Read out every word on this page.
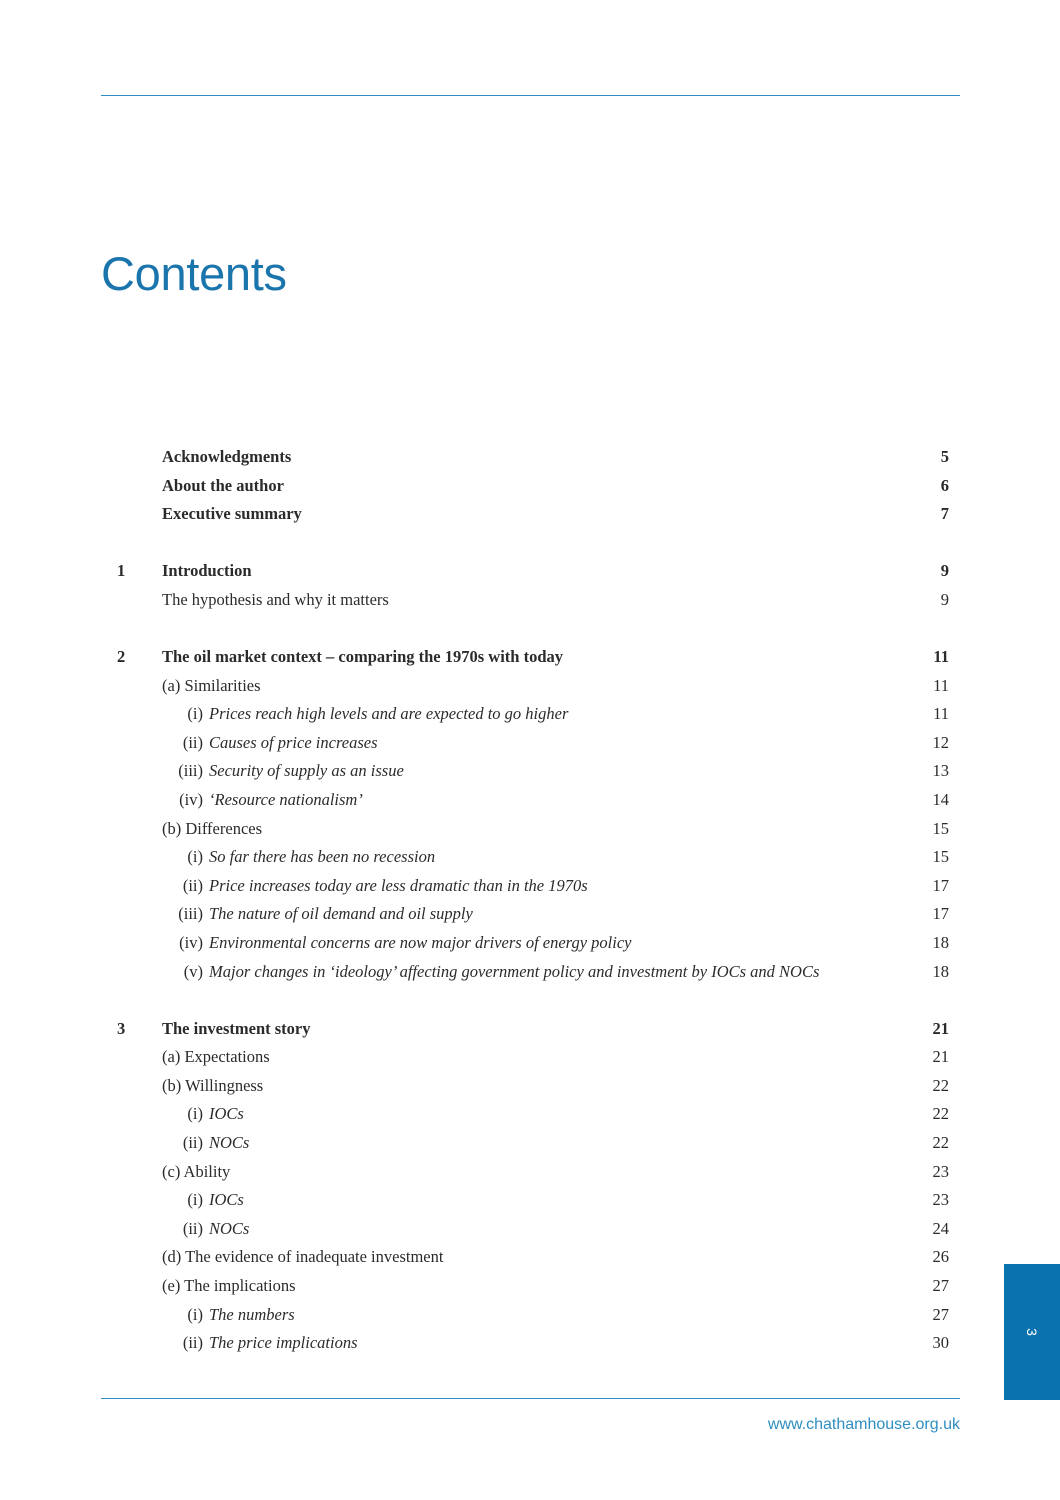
Contents
Acknowledgments	5
About the author	6
Executive summary	7
1 Introduction	9
The hypothesis and why it matters	9
2 The oil market context – comparing the 1970s with today	11
(a) Similarities	11
(i) Prices reach high levels and are expected to go higher	11
(ii) Causes of price increases	12
(iii) Security of supply as an issue	13
(iv) ‘Resource nationalism’	14
(b) Differences	15
(i) So far there has been no recession	15
(ii) Price increases today are less dramatic than in the 1970s	17
(iii) The nature of oil demand and oil supply	17
(iv) Environmental concerns are now major drivers of energy policy	18
(v) Major changes in ‘ideology’ affecting government policy and investment by IOCs and NOCs	18
3 The investment story	21
(a) Expectations	21
(b) Willingness	22
(i) IOCs	22
(ii) NOCs	22
(c) Ability	23
(i) IOCs	23
(ii) NOCs	24
(d) The evidence of inadequate investment	26
(e) The implications	27
(i) The numbers	27
(ii) The price implications	30
3
www.chathamhouse.org.uk
